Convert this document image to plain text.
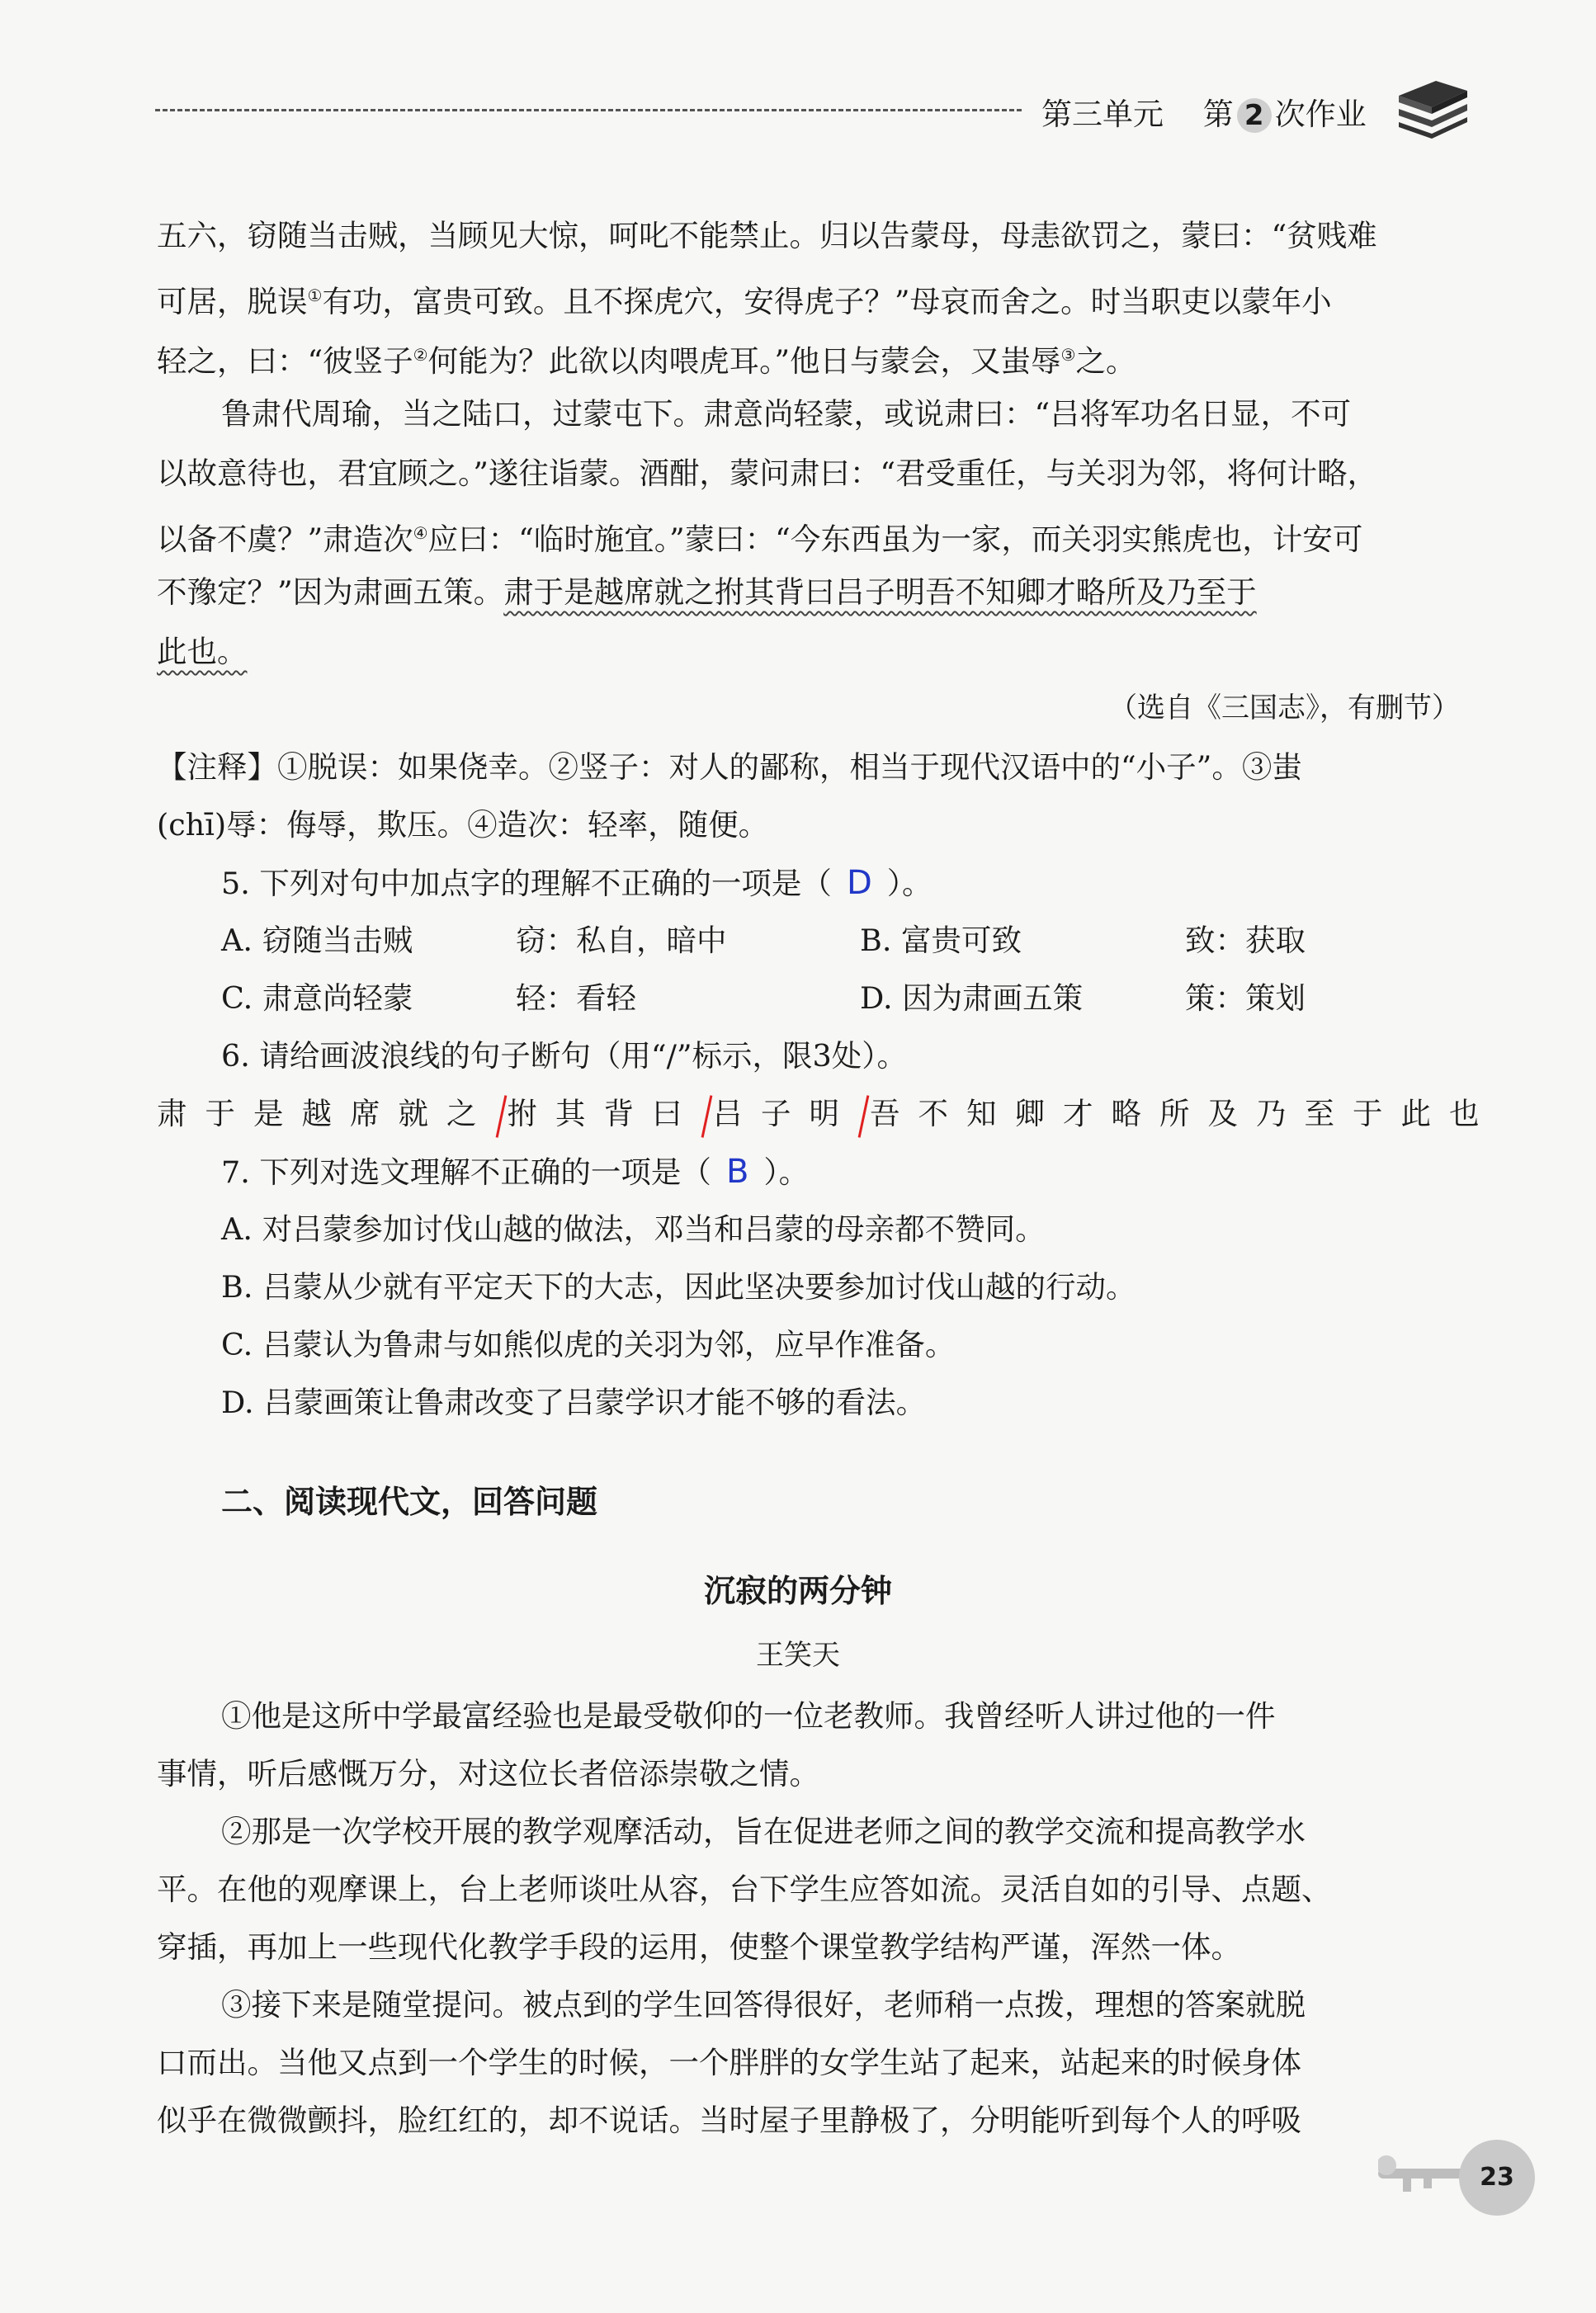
第三单元 第 2 次作业
五六，窃随当击贼，当顾见大惊，呵叱不能禁止。归以告蒙母，母恚欲罚之，蒙曰：“贫贱难
可居，脱误①有功，富贵可致。且不探虎穴，安得虎子？”母哀而舍之。时当职吏以蒙年小
轻之，曰：“彼竖子②何能为？此欲以肉喂虎耳。”他日与蒙会，又蚩辱③之。
鲁肃代周瑜，当之陆口，过蒙屯下。肃意尚轻蒙，或说肃曰：“吕将军功名日显，不可
以故意待也，君宜顾之。”遂往诣蒙。酒酣，蒙问肃曰：“君受重任，与关羽为邻，将何计略，
以备不虞？”肃造次④应曰：“临时施宜。”蒙曰：“今东西虽为一家，而关羽实熊虎也，计安可
不豫定？”因为肃画五策。肃于是越席就之拊其背曰吕子明吾不知卿才略所及乃至于
此也。
（选自《三国志》，有删节）
【注释】①脱误：如果侥幸。②竖子：对人的鄙称，相当于现代汉语中的“小子”。③蚩
(chī)辱：侮辱，欺压。④造次：轻率，随便。
5. 下列对句中加点字的理解不正确的一项是（ D ）。
A. 窃随当击贼	窃：私自，暗中	B. 富贵可致	致：获取
C. 肃意尚轻蒙	轻：看轻	D. 因为肃画五策	策：策划
6. 请给画波浪线的句子断句（用“/”标示，限3处）。
肃于是越席就之 拊其背曰 吕子明 吾不知卿才略所及乃至于此也
7. 下列对选文理解不正确的一项是（ B ）。
A. 对吕蒙参加讨伐山越的做法，邓当和吕蒙的母亲都不赞同。
B. 吕蒙从少就有平定天下的大志，因此坚决要参加讨伐山越的行动。
C. 吕蒙认为鲁肃与如熊似虎的关羽为邻，应早作准备。
D. 吕蒙画策让鲁肃改变了吕蒙学识才能不够的看法。
二、阅读现代文，回答问题
沉寂的两分钟
王笑天
①他是这所中学最富经验也是最受敬仰的一位老教师。我曾经听人讲过他的一件
事情，听后感慨万分，对这位长者倍添崇敬之情。
②那是一次学校开展的教学观摩活动，旨在促进老师之间的教学交流和提高教学水
平。在他的观摩课上，台上老师谈吐从容，台下学生应答如流。灵活自如的引导、点题、
穿插，再加上一些现代化教学手段的运用，使整个课堂教学结构严谨，浑然一体。
③接下来是随堂提问。被点到的学生回答得很好，老师稍一点拨，理想的答案就脱
口而出。当他又点到一个学生的时候，一个胖胖的女学生站了起来，站起来的时候身体
似乎在微微颤抖，脸红红的，却不说话。当时屋子里静极了，分明能听到每个人的呼吸
23
